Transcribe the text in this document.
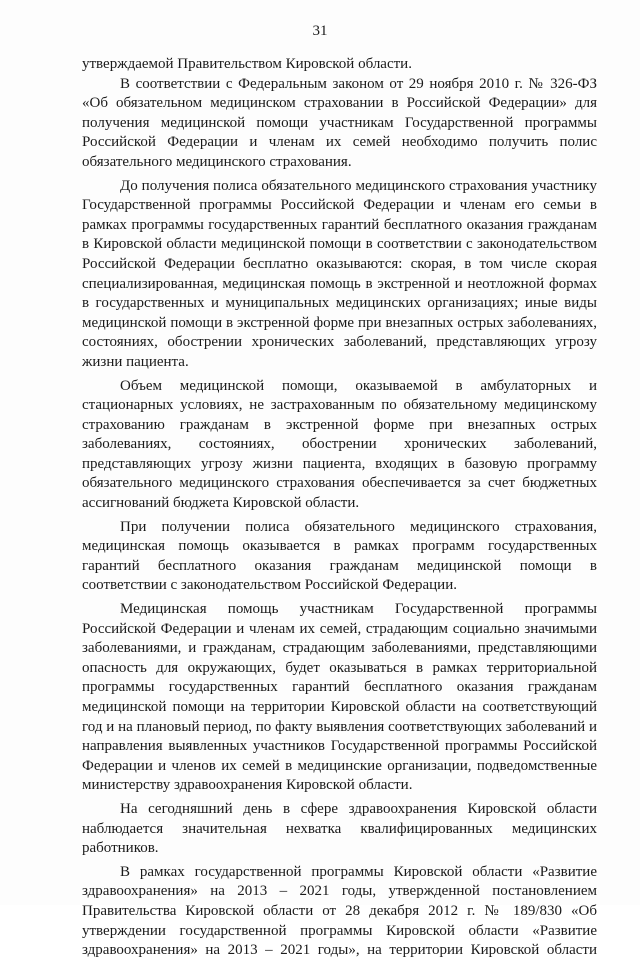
31

утверждаемой Правительством Кировской области.

В соответствии с Федеральным законом от 29 ноября 2010 г. № 326-ФЗ «Об обязательном медицинском страховании в Российской Федерации» для получения медицинской помощи участникам Государственной программы Российской Федерации и членам их семей необходимо получить полис обязательного медицинского страхования.

До получения полиса обязательного медицинского страхования участнику Государственной программы Российской Федерации и членам его семьи в рамках программы государственных гарантий бесплатного оказания гражданам в Кировской области медицинской помощи в соответствии с законодательством Российской Федерации бесплатно оказываются: скорая, в том числе скорая специализированная, медицинская помощь в экстренной и неотложной формах в государственных и муниципальных медицинских организациях; иные виды медицинской помощи в экстренной форме при внезапных острых заболеваниях, состояниях, обострении хронических заболеваний, представляющих угрозу жизни пациента.

Объем медицинской помощи, оказываемой в амбулаторных и стационарных условиях, не застрахованным по обязательному медицинскому страхованию гражданам в экстренной форме при внезапных острых заболеваниях, состояниях, обострении хронических заболеваний, представляющих угрозу жизни пациента, входящих в базовую программу обязательного медицинского страхования обеспечивается за счет бюджетных ассигнований бюджета Кировской области.

При получении полиса обязательного медицинского страхования, медицинская помощь оказывается в рамках программ государственных гарантий бесплатного оказания гражданам медицинской помощи в соответствии с законодательством Российской Федерации.

Медицинская помощь участникам Государственной программы Российской Федерации и членам их семей, страдающим социально значимыми заболеваниями, и гражданам, страдающим заболеваниями, представляющими опасность для окружающих, будет оказываться в рамках территориальной программы государственных гарантий бесплатного оказания гражданам медицинской помощи на территории Кировской области на соответствующий год и на плановый период, по факту выявления соответствующих заболеваний и направления выявленных участников Государственной программы Российской Федерации и членов их семей в медицинские организации, подведомственные министерству здравоохранения Кировской области.

На сегодняшний день в сфере здравоохранения Кировской области наблюдается значительная нехватка квалифицированных медицинских работников.

В рамках государственной программы Кировской области «Развитие здравоохранения» на 2013 – 2021 годы, утвержденной постановлением Правительства Кировской области от 28 декабря 2012 г. № 189/830 «Об утверждении государственной программы Кировской области «Развитие здравоохранения» на 2013 – 2021 годы», на территории Кировской области
